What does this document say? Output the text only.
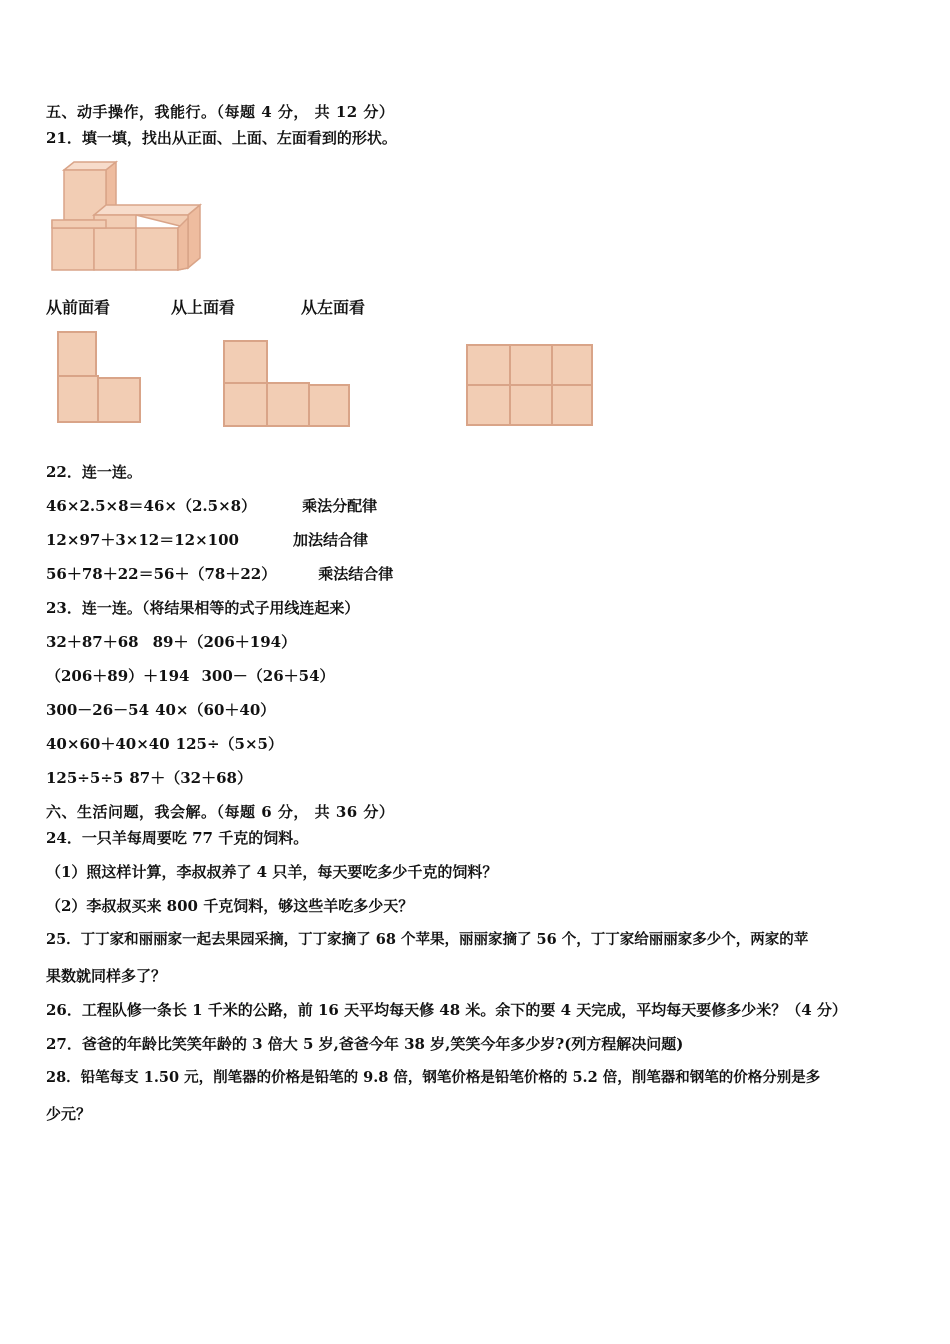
五、动手操作，我能行。（每题 4 分， 共 12 分）
21．填一填，找出从正面、上面、左面看到的形状。
从前面看	从上面看	从左面看
22．连一连。
46×2.5×8＝46×（2.5×8）	乘法分配律
12×97＋3×12＝12×100	加法结合律
56＋78＋22＝56＋（78＋22）	乘法结合律
23．连一连。（将结果相等的式子用线连起来）
32＋87＋68 89＋（206＋194）
（206＋89）＋194 300－（26＋54）
300－26－54 40×（60＋40）
40×60＋40×40 125÷（5×5）
125÷5÷5 87＋（32＋68）
六、生活问题，我会解。（每题 6 分， 共 36 分）
24．一只羊每周要吃 77 千克的饲料。
（1）照这样计算，李叔叔养了 4 只羊，每天要吃多少千克的饲料？
（2）李叔叔买来 800 千克饲料，够这些羊吃多少天？
25．丁丁家和丽丽家一起去果园采摘，丁丁家摘了 68 个苹果，丽丽家摘了 56 个，丁丁家给丽丽家多少个，两家的苹
果数就同样多了？
26．工程队修一条长 1 千米的公路，前 16 天平均每天修 48 米。余下的要 4 天完成，平均每天要修多少米？（4 分）
27．爸爸的年龄比笑笑年龄的 3 倍大 5 岁,爸爸今年 38 岁,笑笑今年多少岁?(列方程解决问题)
28．铅笔每支 1.50 元，削笔器的价格是铅笔的 9.8 倍，钢笔价格是铅笔价格的 5.2 倍，削笔器和钢笔的价格分别是多
少元？
